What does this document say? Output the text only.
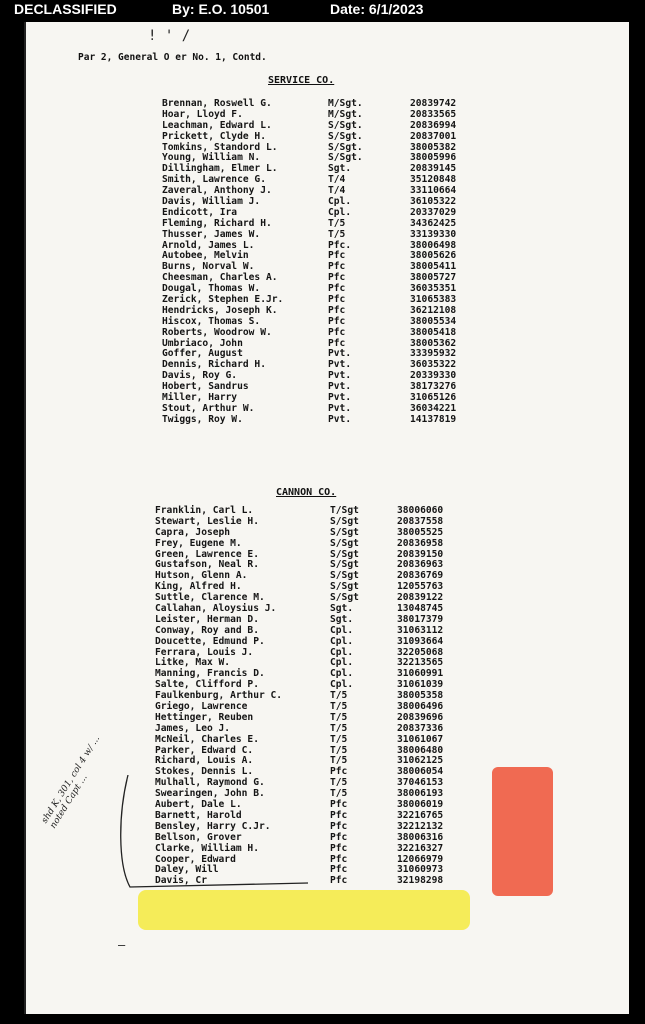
DECLASSIFIED	By: E.O. 10501	Date: 6/1/2023
! ' /
Par 2, General O er No. 1, Contd.
SERVICE CO.
Brennan, Roswell G.	M/Sgt.	20839742
Hoar, Lloyd F.	M/Sgt.	20833565
Leachman, Edward L.	S/Sgt.	20836994
Prickett, Clyde H.	S/Sgt.	20837001
Tomkins, Standord L.	S/Sgt.	38005382
Young, William N.	S/Sgt.	38005996
Dillingham, Elmer L.	Sgt.	20839145
Smith, Lawrence G.	T/4	35120848
Zaveral, Anthony J.	T/4	33110664
Davis, William J.	Cpl.	36105322
Endicott, Ira	Cpl.	20337029
Fleming, Richard H.	T/5	34362425
Thusser, James W.	T/5	33139330
Arnold, James L.	Pfc.	38006498
Autobee, Melvin	Pfc	38005626
Burns, Norval W.	Pfc	38005411
Cheesman, Charles A.	Pfc	38005727
Dougal, Thomas W.	Pfc	36035351
Zerick, Stephen E.Jr.	Pfc	31065383
Hendricks, Joseph K.	Pfc	36212108
Hiscox, Thomas S.	Pfc	38005534
Roberts, Woodrow W.	Pfc	38005418
Umbriaco, John	Pfc	38005362
Goffer, August	Pvt.	33395932
Dennis, Richard H.	Pvt.	36035322
Davis, Roy G.	Pvt.	20339330
Hobert, Sandrus	Pvt.	38173276
Miller, Harry	Pvt.	31065126
Stout, Arthur W.	Pvt.	36034221
Twiggs, Roy W.	Pvt.	14137819
CANNON CO.
Franklin, Carl L.	T/Sgt	38006060
Stewart, Leslie H.	S/Sgt	20837558
Capra, Joseph	S/Sgt	38005525
Frey, Eugene M.	S/Sgt	20836958
Green, Lawrence E.	S/Sgt	20839150
Gustafson, Neal R.	S/Sgt	20836963
Hutson, Glenn A.	S/Sgt	20836769
King, Alfred H.	S/Sgt	12055763
Suttle, Clarence M.	S/Sgt	20839122
Callahan, Aloysius J.	Sgt.	13048745
Leister, Herman D.	Sgt.	38017379
Conway, Roy and B.	Cpl.	31063112
Doucette, Edmund P.	Cpl.	31093664
Ferrara, Louis J.	Cpl.	32205068
Litke, Max W.	Cpl.	32213565
Manning, Francis D.	Cpl.	31060991
Salte, Clifford P.	Cpl.	31061039
Faulkenburg, Arthur C.	T/5	38005358
Griego, Lawrence	T/5	38006496
Hettinger, Reuben	T/5	20839696
James, Leo J.	T/5	20837336
McNeil, Charles E.	T/5	31061067
Parker, Edward C.	T/5	38006480
Richard, Louis A.	T/5	31062125
Stokes, Dennis L.	Pfc	38006054
Mulhall, Raymond G.	T/5	37046153
Swearingen, John B.	T/5	38006193
Aubert, Dale L.	Pfc	38006019
Barnett, Harold	Pfc	32216765
Bensley, Harry C.Jr.	Pfc	32212132
Bellson, Grover	Pfc	38006316
Clarke, William H.	Pfc	32216327
Cooper, Edward	Pfc	12066979
Daley, Will	Pfc	31060973
Davis, Cr	Pfc	32198298
shd K, 301, col 4 w/ ... noted Capt ...
—
